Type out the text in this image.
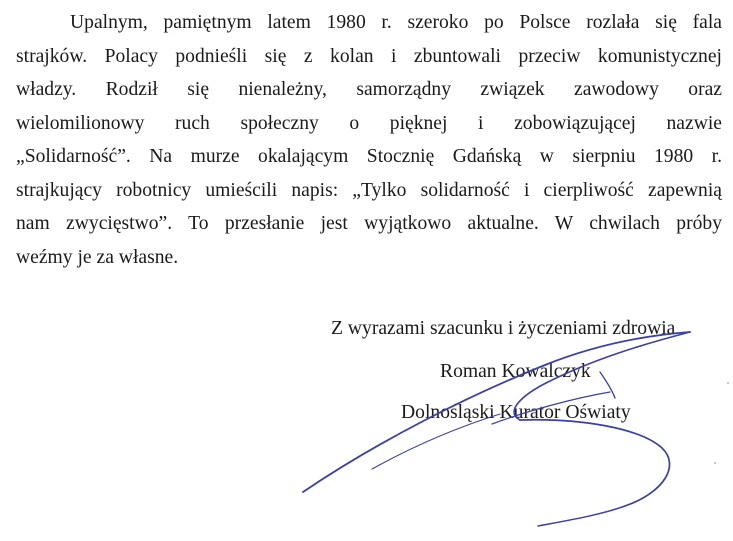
Upalnym, pamiętnym latem 1980 r. szeroko po Polsce rozlała się fala
strajków. Polacy podnieśli się z kolan i zbuntowali przeciw komunistycznej
władzy. Rodził się nienależny, samorządny związek zawodowy oraz
wielomilionowy ruch społeczny o pięknej i zobowiązującej nazwie
„Solidarność”. Na murze okalającym Stocznię Gdańską w sierpniu 1980 r.
strajkujący robotnicy umieścili napis: „Tylko solidarność i cierpliwość zapewnią
nam zwycięstwo”. To przesłanie jest wyjątkowo aktualne. W chwilach próby
weźmy je za własne.
Z wyrazami szacunku i życzeniami zdrowia
Roman Kowalczyk
Dolnośląski Kurator Oświaty
